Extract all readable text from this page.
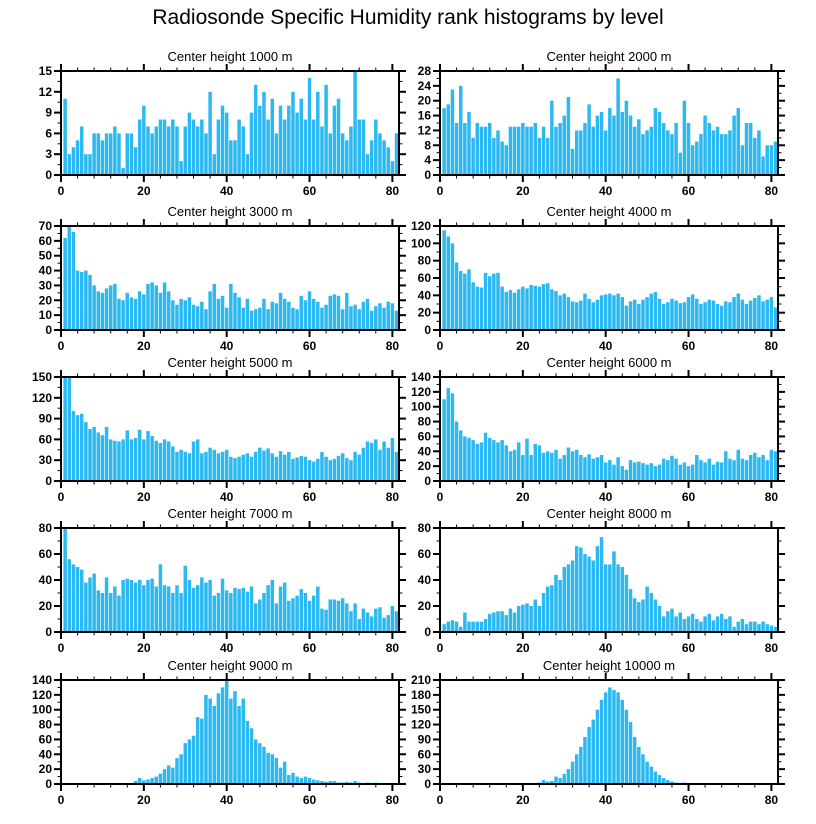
Radiosonde Specific Humidity rank histograms by level
0	20	40	60	80
0
3
6
9
12
15
Center height 1000 m
0	20	40	60	80
0
4
8
12
16
20
24
28
Center height 2000 m
0	20	40	60	80
0
10
20
30
40
50
60
70
Center height 3000 m
0	20	40	60	80
0
20
40
60
80
100
120
Center height 4000 m
0	20	40	60	80
0
30
60
90
120
150
Center height 5000 m
0	20	40	60	80
0
20
40
60
80
100
120
140
Center height 6000 m
0	20	40	60	80
0
20
40
60
80
Center height 7000 m
0	20	40	60	80
0
20
40
60
80
Center height 8000 m
0	20	40	60	80
0
20
40
60
80
100
120
140
Center height 9000 m
0	20	40	60	80
0
30
60
90
120
150
180
210
Center height 10000 m
